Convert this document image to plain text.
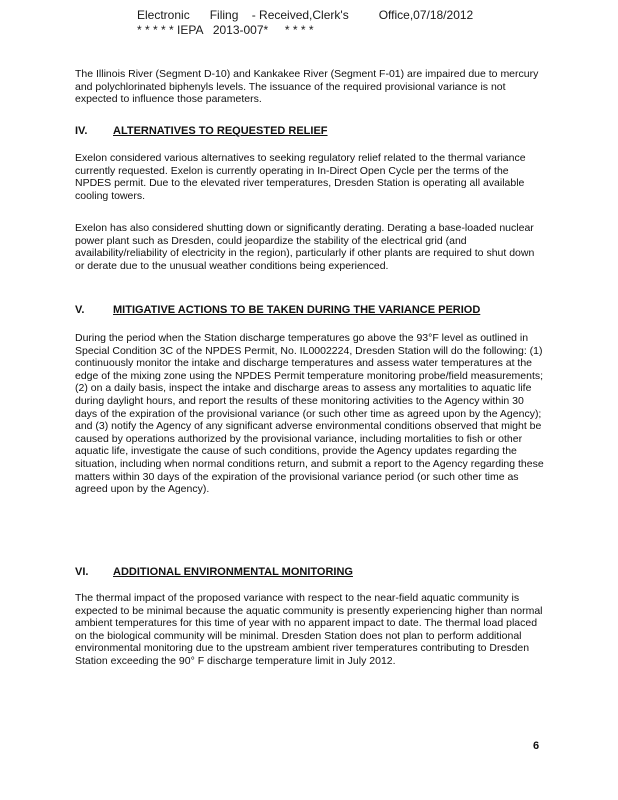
Electronic      Filing    - Received,Clerk's         Office,07/18/2012
* * * * * IEPA   2013-007*     * * * *

The Illinois River (Segment D-10) and Kankakee River (Segment F-01) are impaired due to mercury and polychlorinated biphenyls levels. The issuance of the required provisional variance is not expected to influence those parameters.

IV. ALTERNATIVES TO REQUESTED RELIEF

Exelon considered various alternatives to seeking regulatory relief related to the thermal variance currently requested. Exelon is currently operating in In-Direct Open Cycle per the terms of the NPDES permit. Due to the elevated river temperatures, Dresden Station is operating all available cooling towers.

Exelon has also considered shutting down or significantly derating. Derating a base-loaded nuclear power plant such as Dresden, could jeopardize the stability of the electrical grid (and availability/reliability of electricity in the region), particularly if other plants are required to shut down or derate due to the unusual weather conditions being experienced.

V.	MITIGATIVE ACTIONS TO BE TAKEN DURING THE VARIANCE PERIOD

During the period when the Station discharge temperatures go above the 93°F level as outlined in Special Condition 3C of the NPDES Permit, No. IL0002224, Dresden Station will do the following: (1) continuously monitor the intake and discharge temperatures and assess water temperatures at the edge of the mixing zone using the NPDES Permit temperature monitoring probe/field measurements; (2) on a daily basis, inspect the intake and discharge areas to assess any mortalities to aquatic life during daylight hours, and report the results of these monitoring activities to the Agency within 30 days of the expiration of the provisional variance (or such other time as agreed upon by the Agency); and (3) notify the Agency of any significant adverse environmental conditions observed that might be caused by operations authorized by the provisional variance, including mortalities to fish or other aquatic life, investigate the cause of such conditions, provide the Agency updates regarding the situation, including when normal conditions return, and submit a report to the Agency regarding these matters within 30 days of the expiration of the provisional variance period (or such other time as agreed upon by the Agency).

VI. ADDITIONAL ENVIRONMENTAL MONITORING

The thermal impact of the proposed variance with respect to the near-field aquatic community is expected to be minimal because the aquatic community is presently experiencing higher than normal ambient temperatures for this time of year with no apparent impact to date. The thermal load placed on the biological community will be minimal. Dresden Station does not plan to perform additional environmental monitoring due to the upstream ambient river temperatures contributing to Dresden Station exceeding the 90° F discharge temperature limit in July 2012.

6
